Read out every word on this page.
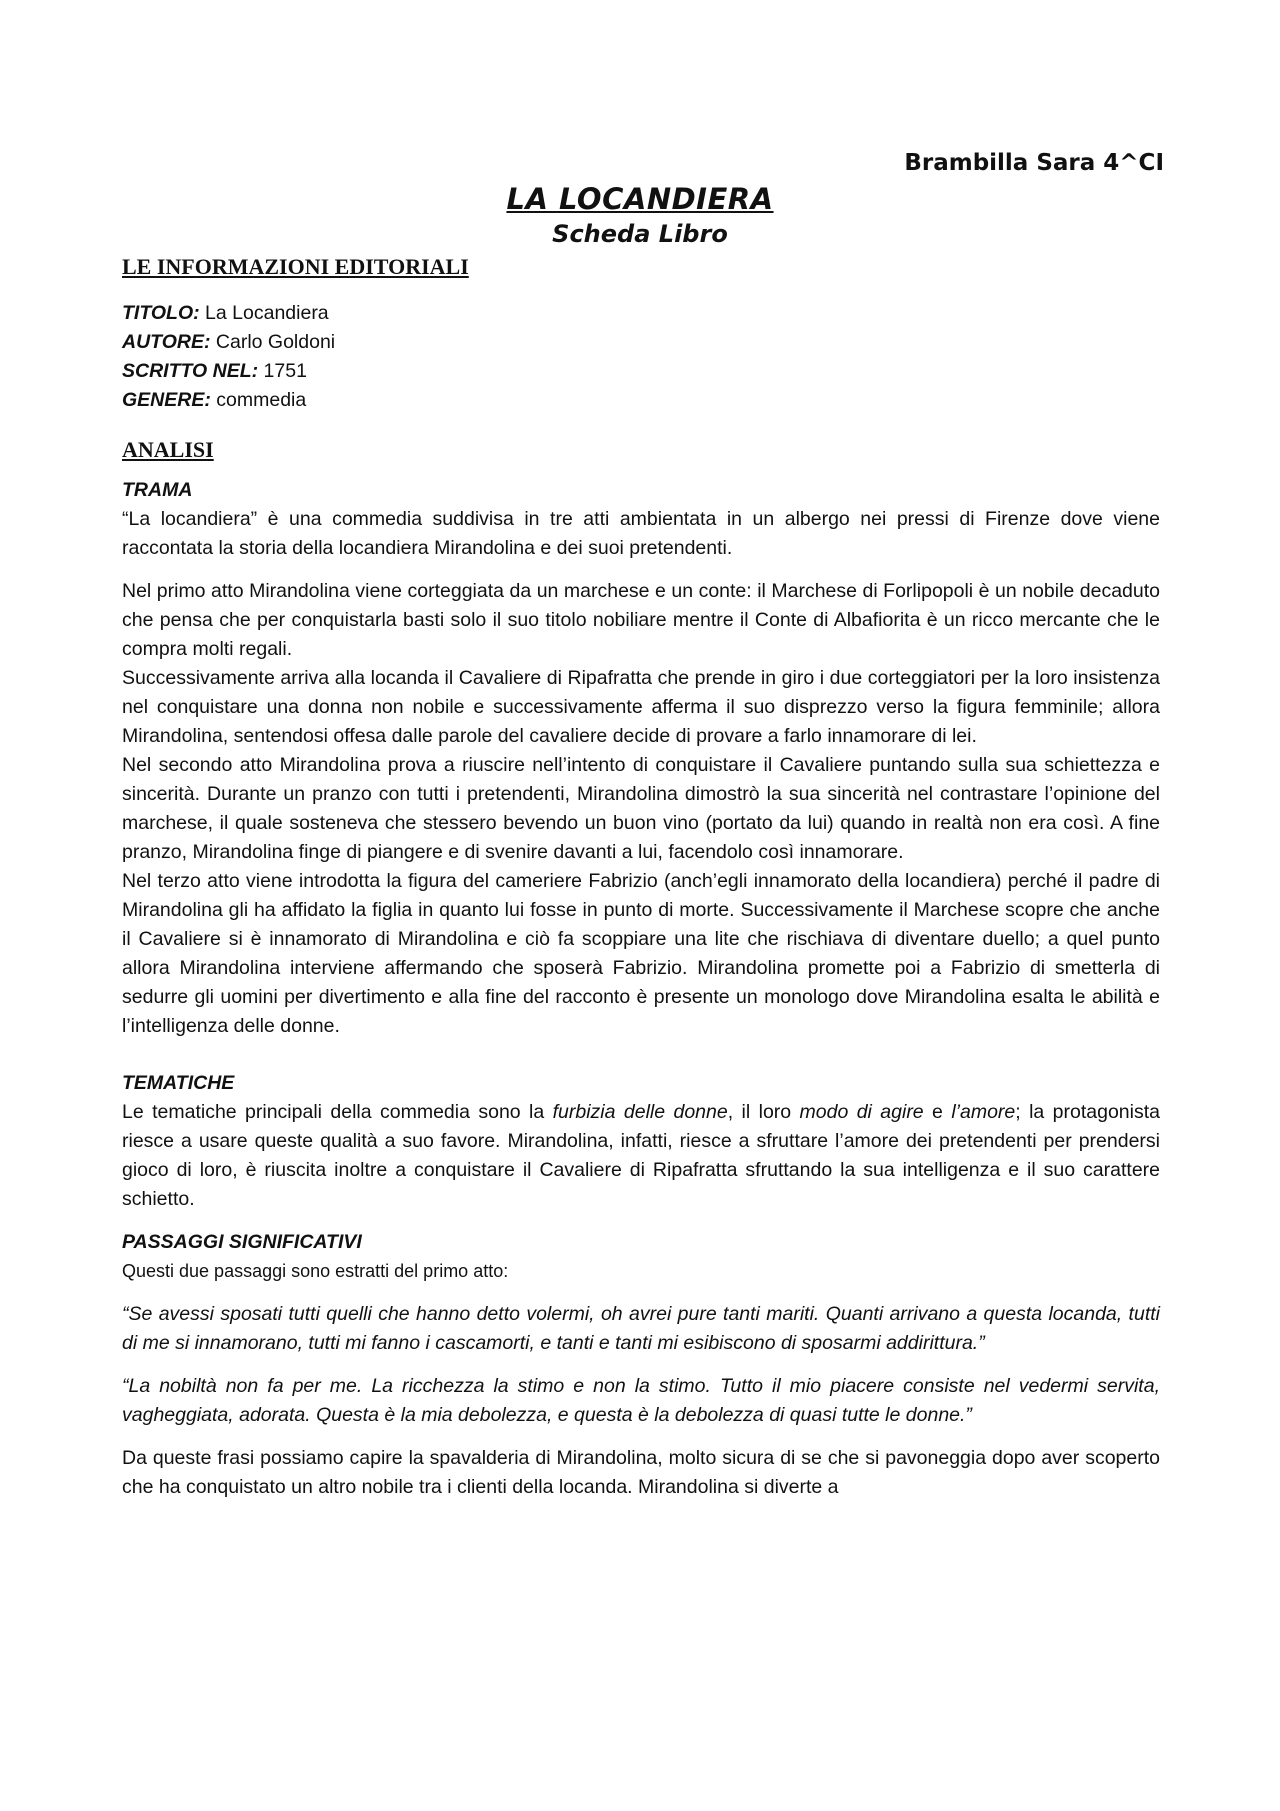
Brambilla Sara 4^CI
LA LOCANDIERA
Scheda Libro
LE INFORMAZIONI EDITORIALI
TITOLO: La Locandiera
AUTORE: Carlo Goldoni
SCRITTO NEL: 1751
GENERE: commedia
ANALISI
TRAMA

“La locandiera” è una commedia suddivisa in tre atti ambientata in un albergo nei pressi di Firenze dove viene raccontata la storia della locandiera Mirandolina e dei suoi pretendenti.

Nel primo atto Mirandolina viene corteggiata da un marchese e un conte: il Marchese di Forlipopoli è un nobile decaduto che pensa che per conquistarla basti solo il suo titolo nobiliare mentre il Conte di Albafiorita è un ricco mercante che le compra molti regali.

Successivamente arriva alla locanda il Cavaliere di Ripafratta che prende in giro i due corteggiatori per la loro insistenza nel conquistare una donna non nobile e successivamente afferma il suo disprezzo verso la figura femminile; allora Mirandolina, sentendosi offesa dalle parole del cavaliere decide di provare a farlo innamorare di lei.

Nel secondo atto Mirandolina prova a riuscire nell’intento di conquistare il Cavaliere puntando sulla sua schiettezza e sincerità. Durante un pranzo con tutti i pretendenti, Mirandolina dimostrò la sua sincerità nel contrastare l’opinione del marchese, il quale sosteneva che stessero bevendo un buon vino (portato da lui) quando in realtà non era così. A fine pranzo, Mirandolina finge di piangere e di svenire davanti a lui, facendolo così innamorare.

Nel terzo atto viene introdotta la figura del cameriere Fabrizio (anch’egli innamorato della locandiera) perché il padre di Mirandolina gli ha affidato la figlia in quanto lui fosse in punto di morte. Successivamente il Marchese scopre che anche il Cavaliere si è innamorato di Mirandolina e ciò fa scoppiare una lite che rischiava di diventare duello; a quel punto allora Mirandolina interviene affermando che sposerà Fabrizio. Mirandolina promette poi a Fabrizio di smetterla di sedurre gli uomini per divertimento e alla fine del racconto è presente un monologo dove Mirandolina esalta le abilità e l’intelligenza delle donne.

TEMATICHE

Le tematiche principali della commedia sono la furbizia delle donne, il loro modo di agire e l’amore; la protagonista riesce a usare queste qualità a suo favore. Mirandolina, infatti, riesce a sfruttare l’amore dei pretendenti per prendersi gioco di loro, è riuscita inoltre a conquistare il Cavaliere di Ripafratta sfruttando la sua intelligenza e il suo carattere schietto.

PASSAGGI SIGNIFICATIVI

Questi due passaggi sono estratti del primo atto:

“Se avessi sposati tutti quelli che hanno detto volermi, oh avrei pure tanti mariti. Quanti arrivano a questa locanda, tutti di me si innamorano, tutti mi fanno i cascamorti, e tanti e tanti mi esibiscono di sposarmi addirittura.”

“La nobiltà non fa per me. La ricchezza la stimo e non la stimo. Tutto il mio piacere consiste nel vedermi servita, vagheggiata, adorata. Questa è la mia debolezza, e questa è la debolezza di quasi tutte le donne.”

Da queste frasi possiamo capire la spavalderia di Mirandolina, molto sicura di se che si pavoneggia dopo aver scoperto che ha conquistato un altro nobile tra i clienti della locanda. Mirandolina si diverte a
